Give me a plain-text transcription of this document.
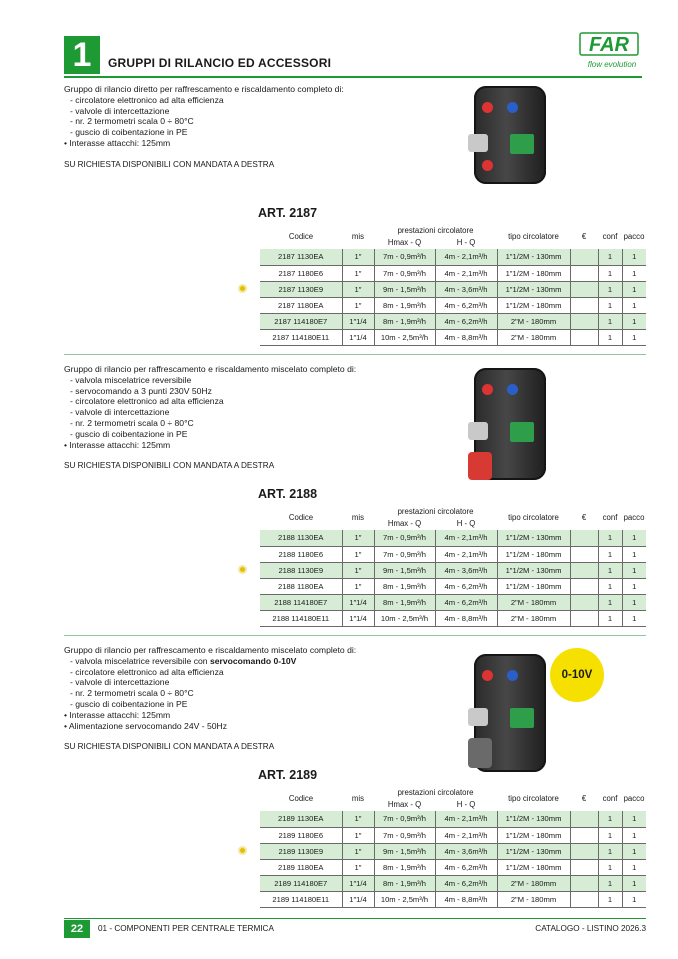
1	GRUPPI DI RILANCIO ED ACCESSORI
FAR
flow evolution
Gruppo di rilancio diretto per raffrescamento e riscaldamento completo di:
- circolatore elettronico ad alta efficienza
- valvole di intercettazione
- nr. 2 termometri scala 0 ÷ 80°C
- guscio di coibentazione in PE
• Interasse attacchi: 125mm
SU RICHIESTA DISPONIBILI CON MANDATA A DESTRA
ART. 2187
	Codice	mis	prestazioni circolatore		tipo circolatore	€	conf	pacco
			Hmax - Q	H - Q				
	2187 1130EA	1″	7m - 0,9m³/h	4m - 2,1m³/h	1"1/2M - 130mm		1	1
	2187 1180E6	1″	7m - 0,9m³/h	4m - 2,1m³/h	1"1/2M - 180mm		1	1

	2187 1130E9	1″	9m - 1,5m³/h	4m - 3,6m³/h	1"1/2M - 130mm		1	1
	2187 1180EA	1″	8m - 1,9m³/h	4m - 6,2m³/h	1"1/2M - 180mm		1	1
	2187 114180E7	1″1/4	8m - 1,9m³/h	4m - 6,2m³/h	2"M - 180mm		1	1
	2187 114180E11	1″1/4	10m - 2,5m³/h	4m - 8,8m³/h	2"M - 180mm		1	1
Gruppo di rilancio per raffrescamento e riscaldamento miscelato completo di:
- valvola miscelatrice reversibile
- servocomando a 3 punti 230V 50Hz
- circolatore elettronico ad alta efficienza
- valvole di intercettazione
- nr. 2 termometri scala 0 ÷ 80°C
- guscio di coibentazione in PE
• Interasse attacchi: 125mm
SU RICHIESTA DISPONIBILI CON MANDATA A DESTRA
ART. 2188
	Codice	mis	prestazioni circolatore		tipo circolatore	€	conf	pacco
			Hmax - Q	H - Q				
	2188 1130EA	1″	7m - 0,9m³/h	4m - 2,1m³/h	1"1/2M - 130mm		1	1
	2188 1180E6	1″	7m - 0,9m³/h	4m - 2,1m³/h	1"1/2M - 180mm		1	1

	2188 1130E9	1″	9m - 1,5m³/h	4m - 3,6m³/h	1"1/2M - 130mm		1	1
	2188 1180EA	1″	8m - 1,9m³/h	4m - 6,2m³/h	1"1/2M - 180mm		1	1
	2188 114180E7	1″1/4	8m - 1,9m³/h	4m - 6,2m³/h	2"M - 180mm		1	1
	2188 114180E11	1″1/4	10m - 2,5m³/h	4m - 8,8m³/h	2"M - 180mm		1	1
Gruppo di rilancio per raffrescamento e riscaldamento miscelato completo di:
- valvola miscelatrice reversibile con servocomando 0-10V
- circolatore elettronico ad alta efficienza
- valvole di intercettazione
- nr. 2 termometri scala 0 ÷ 80°C
- guscio di coibentazione in PE
• Interasse attacchi: 125mm
• Alimentazione servocomando 24V - 50Hz
SU RICHIESTA DISPONIBILI CON MANDATA A DESTRA
0-10V
ART. 2189
	Codice	mis	prestazioni circolatore		tipo circolatore	€	conf	pacco
			Hmax - Q	H - Q				
	2189 1130EA	1″	7m - 0,9m³/h	4m - 2,1m³/h	1"1/2M - 130mm		1	1
	2189 1180E6	1″	7m - 0,9m³/h	4m - 2,1m³/h	1"1/2M - 180mm		1	1

	2189 1130E9	1″	9m - 1,5m³/h	4m - 3,6m³/h	1"1/2M - 130mm		1	1
	2189 1180EA	1″	8m - 1,9m³/h	4m - 6,2m³/h	1"1/2M - 180mm		1	1
	2189 114180E7	1″1/4	8m - 1,9m³/h	4m - 6,2m³/h	2"M - 180mm		1	1
	2189 114180E11	1″1/4	10m - 2,5m³/h	4m - 8,8m³/h	2"M - 180mm		1	1
22	01 - COMPONENTI PER CENTRALE TERMICA	CATALOGO - LISTINO 2026.3
